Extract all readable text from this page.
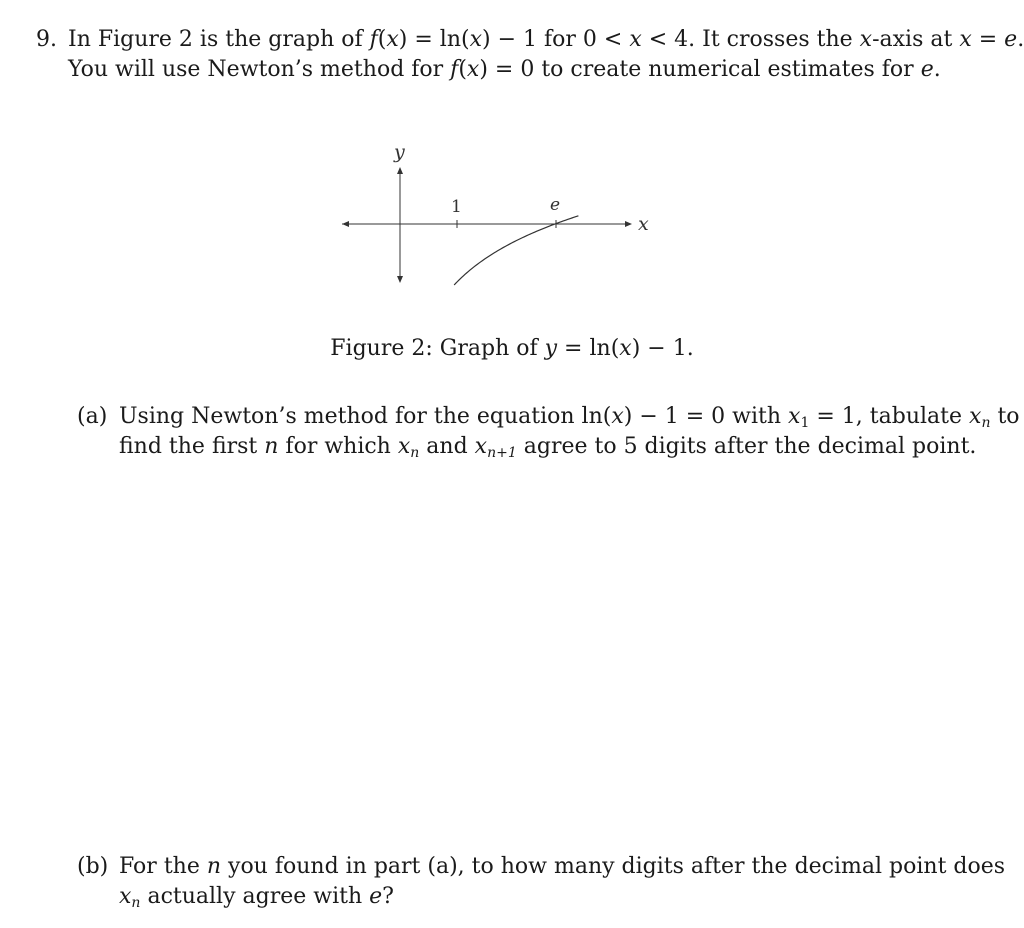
9. In Figure 2 is the graph of f(x) = ln(x) − 1 for 0 < x < 4. It crosses the x-axis at x = e.
You will use Newton’s method for f(x) = 0 to create numerical estimates for e.
y
x
1	e
Figure 2: Graph of y = ln(x) − 1.
(a) Using Newton’s method for the equation ln(x) − 1 = 0 with $x_1 = 1$, tabulate $x_n$ to
find the first n for which $x_n$ and $x_{n+1}$ agree to 5 digits after the decimal point.
(b) For the n you found in part (a), to how many digits after the decimal point does
$x_n$ actually agree with e?
